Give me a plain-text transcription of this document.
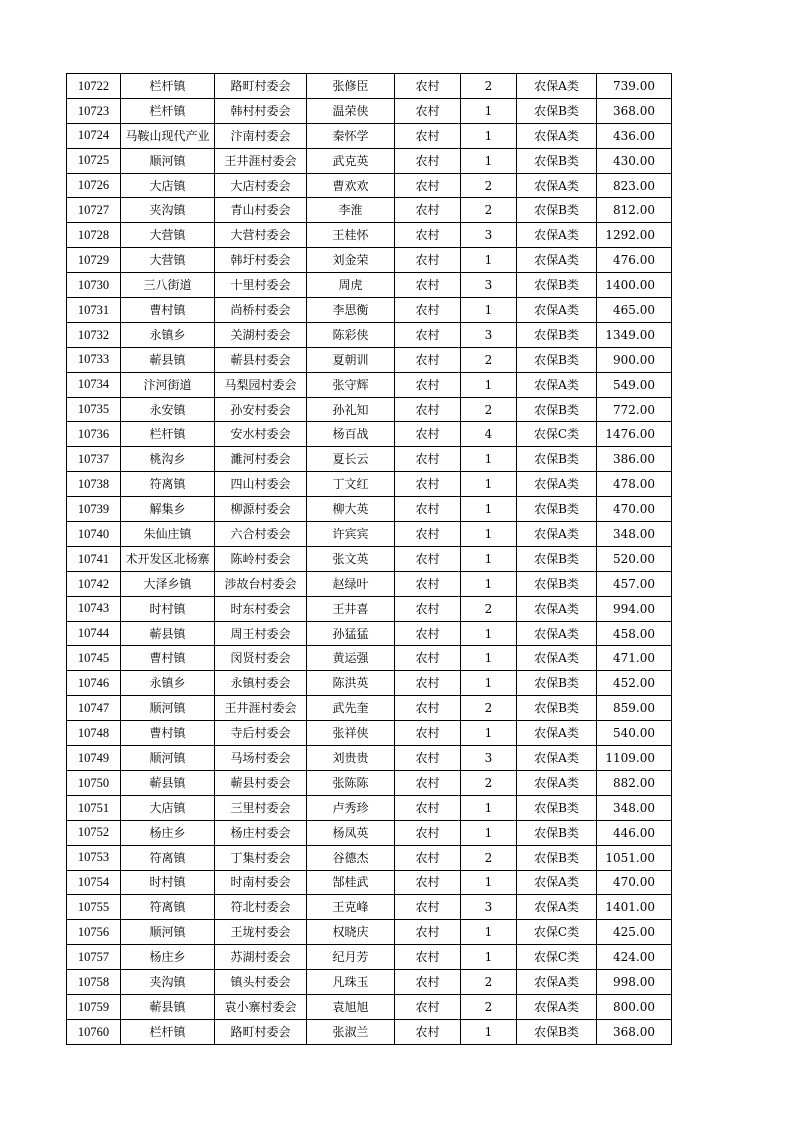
10722	栏杆镇	路町村委会	张修臣	农村	2	农保A类	739.00
10723	栏杆镇	韩村村委会	温荣侠	农村	1	农保B类	368.00
10724	马鞍山现代产业	汴南村委会	秦怀学	农村	1	农保A类	436.00
10725	顺河镇	王井涯村委会	武克英	农村	1	农保B类	430.00
10726	大店镇	大店村委会	曹欢欢	农村	2	农保A类	823.00
10727	夹沟镇	青山村委会	李淮	农村	2	农保B类	812.00
10728	大营镇	大营村委会	王桂怀	农村	3	农保A类	1292.00
10729	大营镇	韩圩村委会	刘金荣	农村	1	农保A类	476.00
10730	三八街道	十里村委会	周虎	农村	3	农保B类	1400.00
10731	曹村镇	尚桥村委会	李思衡	农村	1	农保A类	465.00
10732	永镇乡	关湖村委会	陈彩侠	农村	3	农保B类	1349.00
10733	蕲县镇	蕲县村委会	夏朝训	农村	2	农保B类	900.00
10734	汴河街道	马梨园村委会	张守辉	农村	1	农保A类	549.00
10735	永安镇	孙安村委会	孙礼知	农村	2	农保B类	772.00
10736	栏杆镇	安水村委会	杨百战	农村	4	农保C类	1476.00
10737	桃沟乡	濉河村委会	夏长云	农村	1	农保B类	386.00
10738	符离镇	四山村委会	丁文红	农村	1	农保A类	478.00
10739	解集乡	柳源村委会	柳大英	农村	1	农保B类	470.00
10740	朱仙庄镇	六合村委会	许宾宾	农村	1	农保A类	348.00
10741	术开发区北杨寨	陈岭村委会	张文英	农村	1	农保B类	520.00
10742	大泽乡镇	涉故台村委会	赵绿叶	农村	1	农保B类	457.00
10743	时村镇	时东村委会	王井喜	农村	2	农保A类	994.00
10744	蕲县镇	周王村委会	孙猛猛	农村	1	农保A类	458.00
10745	曹村镇	闵贤村委会	黄运强	农村	1	农保A类	471.00
10746	永镇乡	永镇村委会	陈洪英	农村	1	农保B类	452.00
10747	顺河镇	王井涯村委会	武先奎	农村	2	农保B类	859.00
10748	曹村镇	寺后村委会	张祥侠	农村	1	农保A类	540.00
10749	顺河镇	马场村委会	刘贵贵	农村	3	农保A类	1109.00
10750	蕲县镇	蕲县村委会	张陈陈	农村	2	农保A类	882.00
10751	大店镇	三里村委会	卢秀珍	农村	1	农保B类	348.00
10752	杨庄乡	杨庄村委会	杨凤英	农村	1	农保B类	446.00
10753	符离镇	丁集村委会	谷德杰	农村	2	农保B类	1051.00
10754	时村镇	时南村委会	郜桂武	农村	1	农保A类	470.00
10755	符离镇	符北村委会	王克峰	农村	3	农保A类	1401.00
10756	顺河镇	王垅村委会	权晓庆	农村	1	农保C类	425.00
10757	杨庄乡	苏湖村委会	纪月芳	农村	1	农保C类	424.00
10758	夹沟镇	镇头村委会	凡珠玉	农村	2	农保A类	998.00
10759	蕲县镇	袁小寨村委会	袁旭旭	农村	2	农保A类	800.00
10760	栏杆镇	路町村委会	张淑兰	农村	1	农保B类	368.00
